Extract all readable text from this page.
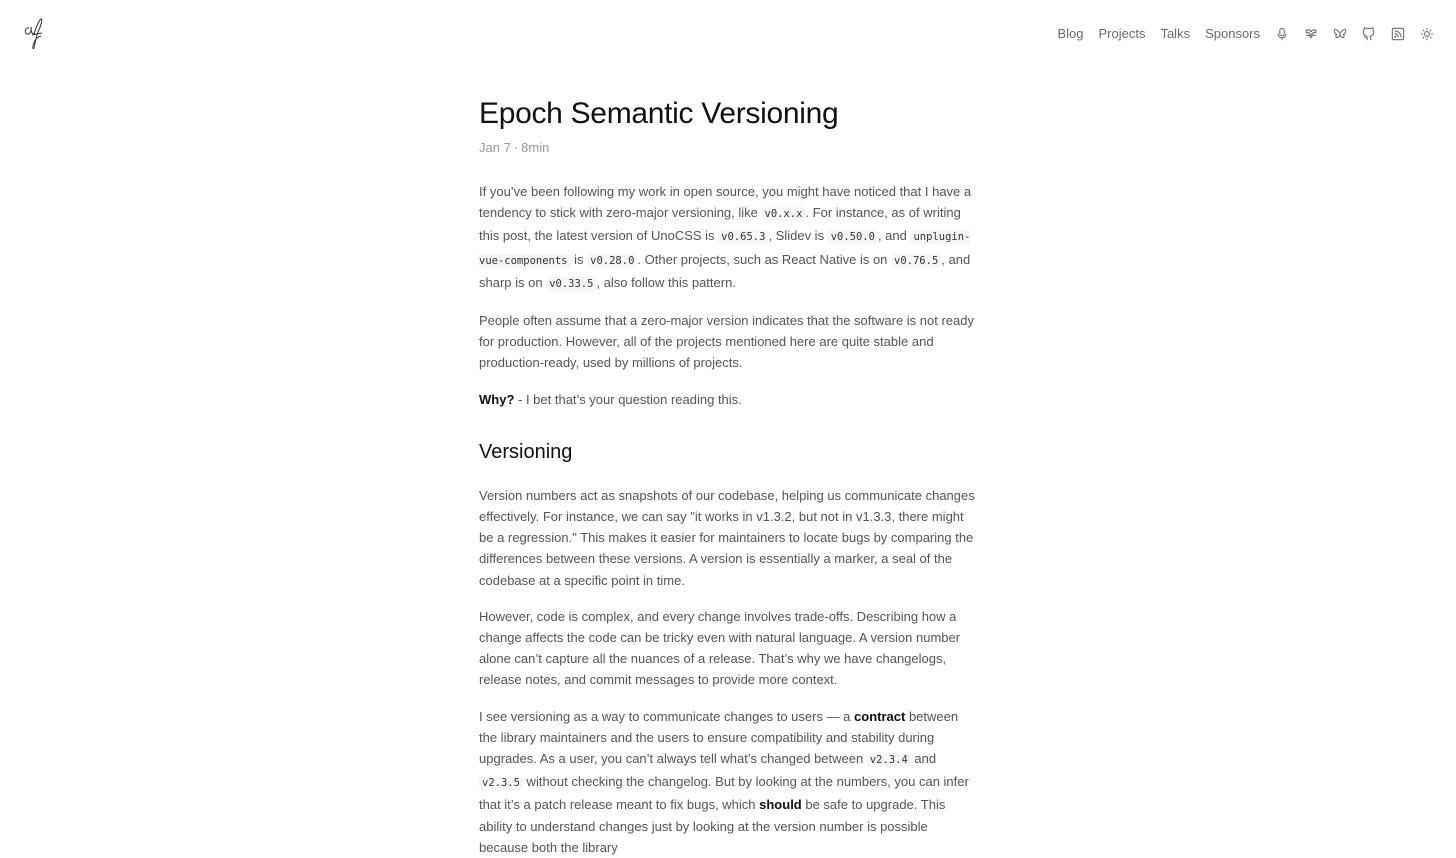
Blog Projects Talks Sponsors
Epoch Semantic Versioning
Jan 7 · 8min

If you’ve been following my work in open source, you might have noticed that I have a tendency to stick with zero-major versioning, like v0.x.x . For instance, as of writing this post, the latest version of UnoCSS is v0.65.3 , Slidev is v0.50.0 , and unplugin-vue-components is v0.28.0 . Other projects, such as React Native is on v0.76.5 , and sharp is on v0.33.5 , also follow this pattern.

People often assume that a zero-major version indicates that the software is not ready for production. However, all of the projects mentioned here are quite stable and production-ready, used by millions of projects.

Why? - I bet that’s your question reading this.

Versioning

Version numbers act as snapshots of our codebase, helping us communicate changes effectively. For instance, we can say "it works in v1.3.2, but not in v1.3.3, there might be a regression." This makes it easier for maintainers to locate bugs by comparing the differences between these versions. A version is essentially a marker, a seal of the codebase at a specific point in time.

However, code is complex, and every change involves trade-offs. Describing how a change affects the code can be tricky even with natural language. A version number alone can’t capture all the nuances of a release. That’s why we have changelogs, release notes, and commit messages to provide more context.

I see versioning as a way to communicate changes to users — a contract between the library maintainers and the users to ensure compatibility and stability during upgrades. As a user, you can’t always tell what’s changed between v2.3.4 and v2.3.5 without checking the changelog. But by looking at the numbers, you can infer that it’s a patch release meant to fix bugs, which should be safe to upgrade. This ability to understand changes just by looking at the version number is possible because both the library
